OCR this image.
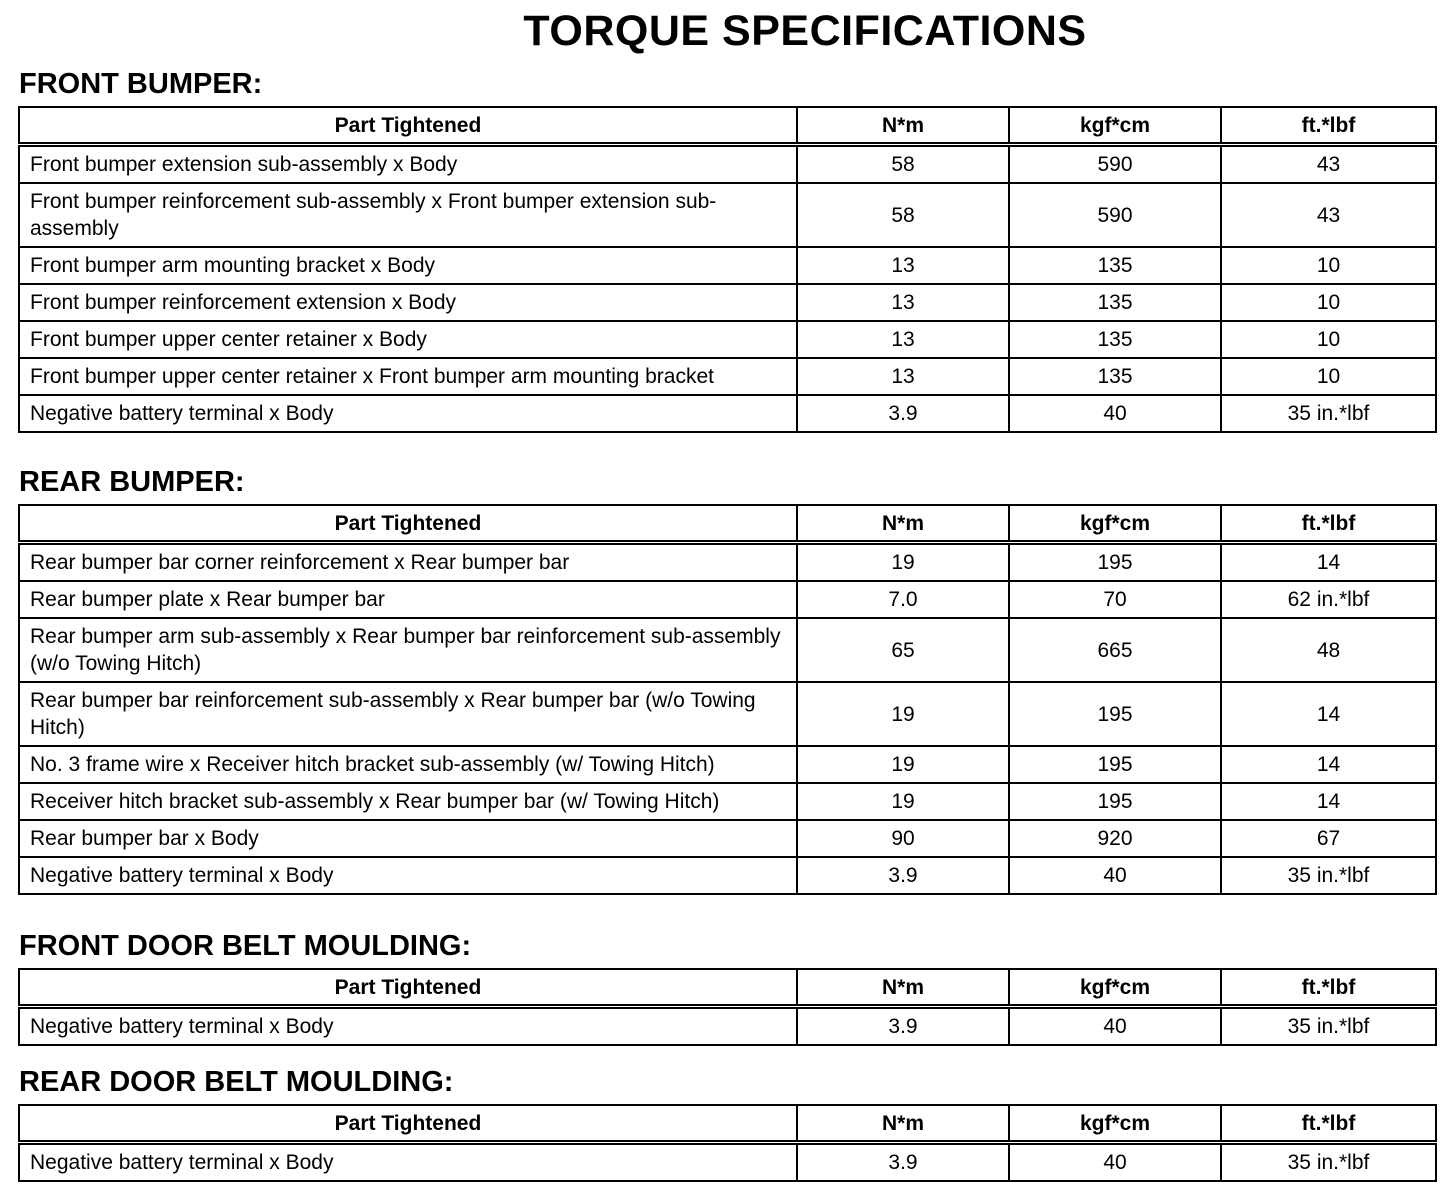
TORQUE SPECIFICATIONS
FRONT BUMPER:
Part Tightened	N*m	kgf*cm	ft.*lbf
Front bumper extension sub-assembly x Body	58	590	43
Front bumper reinforcement sub-assembly x Front bumper extension sub-assembly	58	590	43
Front bumper arm mounting bracket x Body	13	135	10
Front bumper reinforcement extension x Body	13	135	10
Front bumper upper center retainer x Body	13	135	10
Front bumper upper center retainer x Front bumper arm mounting bracket	13	135	10
Negative battery terminal x Body	3.9	40	35 in.*lbf
REAR BUMPER:
Part Tightened	N*m	kgf*cm	ft.*lbf
Rear bumper bar corner reinforcement x Rear bumper bar	19	195	14
Rear bumper plate x Rear bumper bar	7.0	70	62 in.*lbf
Rear bumper arm sub-assembly x Rear bumper bar reinforcement sub-assembly (w/o Towing Hitch)	65	665	48
Rear bumper bar reinforcement sub-assembly x Rear bumper bar (w/o Towing Hitch)	19	195	14
No. 3 frame wire x Receiver hitch bracket sub-assembly (w/ Towing Hitch)	19	195	14
Receiver hitch bracket sub-assembly x Rear bumper bar (w/ Towing Hitch)	19	195	14
Rear bumper bar x Body	90	920	67
Negative battery terminal x Body	3.9	40	35 in.*lbf
FRONT DOOR BELT MOULDING:
Part Tightened	N*m	kgf*cm	ft.*lbf
Negative battery terminal x Body	3.9	40	35 in.*lbf
REAR DOOR BELT MOULDING:
Part Tightened	N*m	kgf*cm	ft.*lbf
Negative battery terminal x Body	3.9	40	35 in.*lbf
